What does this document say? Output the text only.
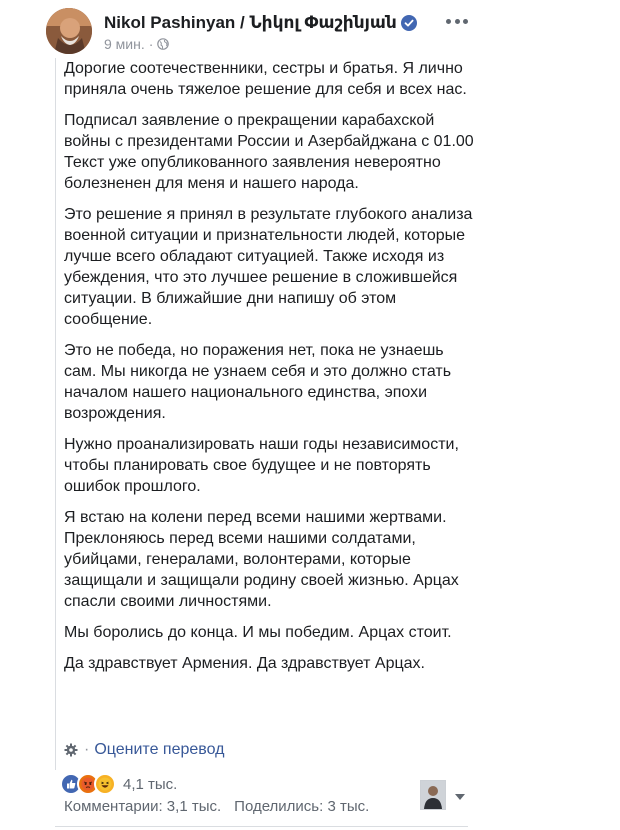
Nikol Pashinyan / Նիկոլ Փաշինյան
9 мин. ·

Дорогие соотечественники, сестры и братья. Я лично приняла очень тяжелое решение для себя и всех нас.

Подписал заявление о прекращении карабахской войны с президентами России и Азербайджана с 01.00 Текст уже опубликованного заявления невероятно болезненен для меня и нашего народа.

Это решение я принял в результате глубокого анализа военной ситуации и признательности людей, которые лучше всего обладают ситуацией. Также исходя из убеждения, что это лучшее решение в сложившейся ситуации. В ближайшие дни напишу об этом сообщение.

Это не победа, но поражения нет, пока не узнаешь сам. Мы никогда не узнаем себя и это должно стать началом нашего национального единства, эпохи возрождения.

Нужно проанализировать наши годы независимости, чтобы планировать свое будущее и не повторять ошибок прошлого.

Я встаю на колени перед всеми нашими жертвами. Преклоняюсь перед всеми нашими солдатами, убийцами, генералами, волонтерами, которые защищали и защищали родину своей жизнью. Арцах спасли своими личностями.

Мы боролись до конца. И мы победим. Арцах стоит.

Да здравствует Армения. Да здравствует Арцах.

· Оцените перевод
4,1 тыс.
Комментарии: 3,1 тыс. Поделились: 3 тыс.
